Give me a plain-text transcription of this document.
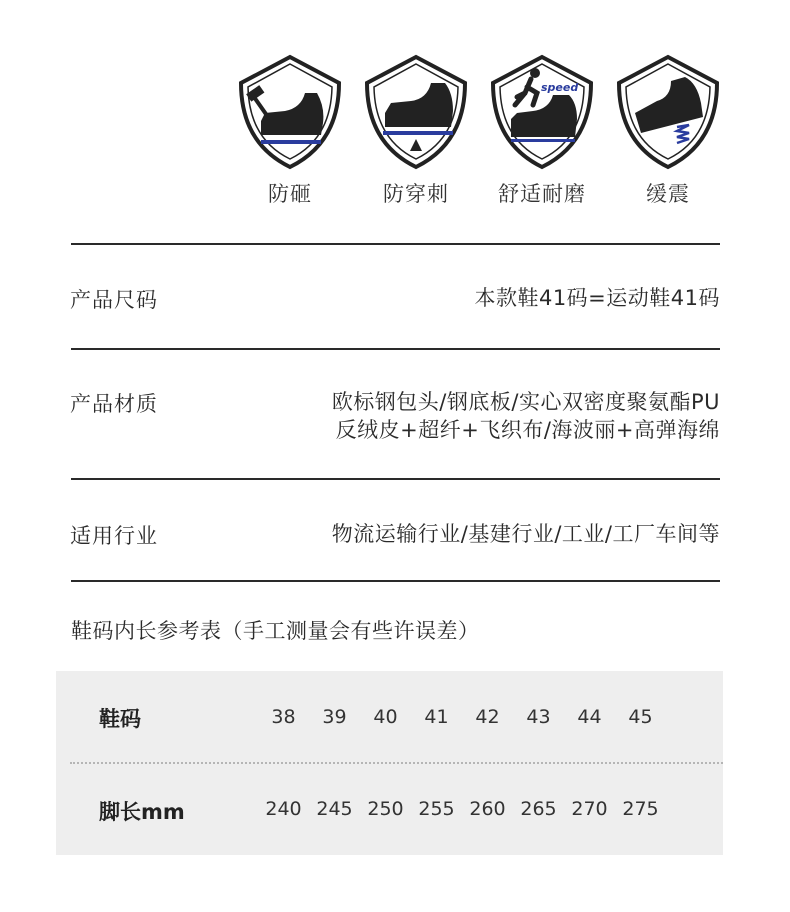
speed
防砸	防穿刺	舒适耐磨	缓震
产品尺码	本款鞋41码=运动鞋41码
产品材质	欧标钢包头/钢底板/实心双密度聚氨酯PU
反绒皮+超纤+飞织布/海波丽+高弹海绵
适用行业	物流运输行业/基建行业/工业/工厂车间等
鞋码内长参考表（手工测量会有些许误差）
鞋码	38	39	40	41	42	43	44	45
脚长mm	240 245 250 255 260 265 270 275
